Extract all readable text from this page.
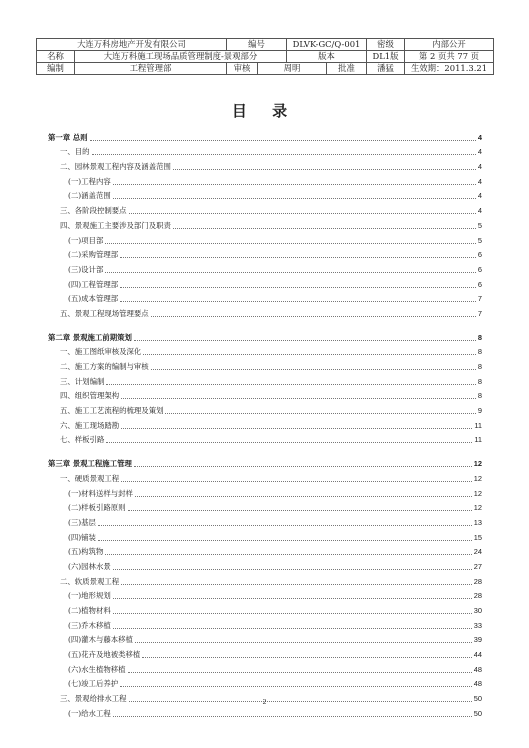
大连万科房地产开发有限公司		编号		DLVK-GC/Q-001		密级	内部公开
名称	大连万科施工现场品质管理制度-景观部分			版本		DL1版	第 2 页共 77 页
编制	工程管理部	审核	周明		批准	潘猛	生效期：2011.3.21
目 录
第一章 总则	4
一、目的	4
二、园林景观工程内容及涵盖范围	4
(一)工程内容	4
(二)涵盖范围	4
三、各阶段控制要点	4
四、景观施工主要涉及部门及职责	5
(一)项目部	5
(二)采购管理部	6
(三)设计部	6
(四)工程管理部	6
(五)成本管理部	7
五、景观工程现场管理要点	7
第二章 景观施工前期策划	8
一、施工图纸审核及深化	8
二、施工方案的编制与审核	8
三、计划编制	8
四、组织管理架构	8
五、施工工艺流程的梳理及策划	9
六、施工现场踏勘	11
七、样板引路	11
第三章 景观工程施工管理	12
一、硬质景观工程	12
(一)材料送样与封样	12
(二)样板引路原则	12
(三)基层	13
(四)铺装	15
(五)构筑物	24
(六)园林水景	27
二、软质景观工程	28
(一)地形规划	28
(二)植物材料	30
(三)乔木移植	33
(四)灌木与藤本移植	39
(五)花卉及地被类移植	44
(六)水生植物移植	48
(七)竣工后养护	48
三、景观给排水工程	50
(一)给水工程	50
2
